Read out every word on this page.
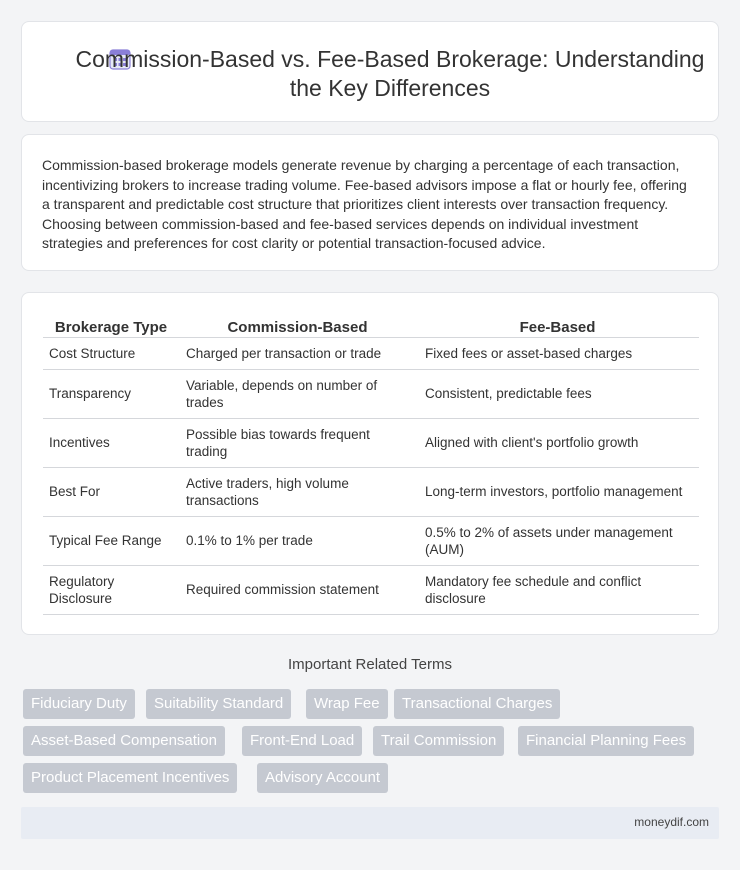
Commission-Based vs. Fee-Based Brokerage: Understanding the Key Differences

Commission-based brokerage models generate revenue by charging a percentage of each transaction, incentivizing brokers to increase trading volume. Fee-based advisors impose a flat or hourly fee, offering a transparent and predictable cost structure that prioritizes client interests over transaction frequency. Choosing between commission-based and fee-based services depends on individual investment strategies and preferences for cost clarity or potential transaction-focused advice.

Brokerage Type	Commission-Based	Fee-Based
Cost Structure	Charged per transaction or trade	Fixed fees or asset-based charges
Transparency	Variable, depends on number of trades	Consistent, predictable fees
Incentives	Possible bias towards frequent trading	Aligned with client's portfolio growth
Best For	Active traders, high volume transactions	Long-term investors, portfolio management
Typical Fee Range	0.1% to 1% per trade	0.5% to 2% of assets under management (AUM)
Regulatory Disclosure	Required commission statement	Mandatory fee schedule and conflict disclosure
Important Related Terms
Fiduciary Duty	Suitability Standard	Wrap Fee	Transactional Charges
Asset-Based Compensation	Front-End Load	Trail Commission	Financial Planning Fees
Product Placement Incentives	Advisory Account
moneydif.com
